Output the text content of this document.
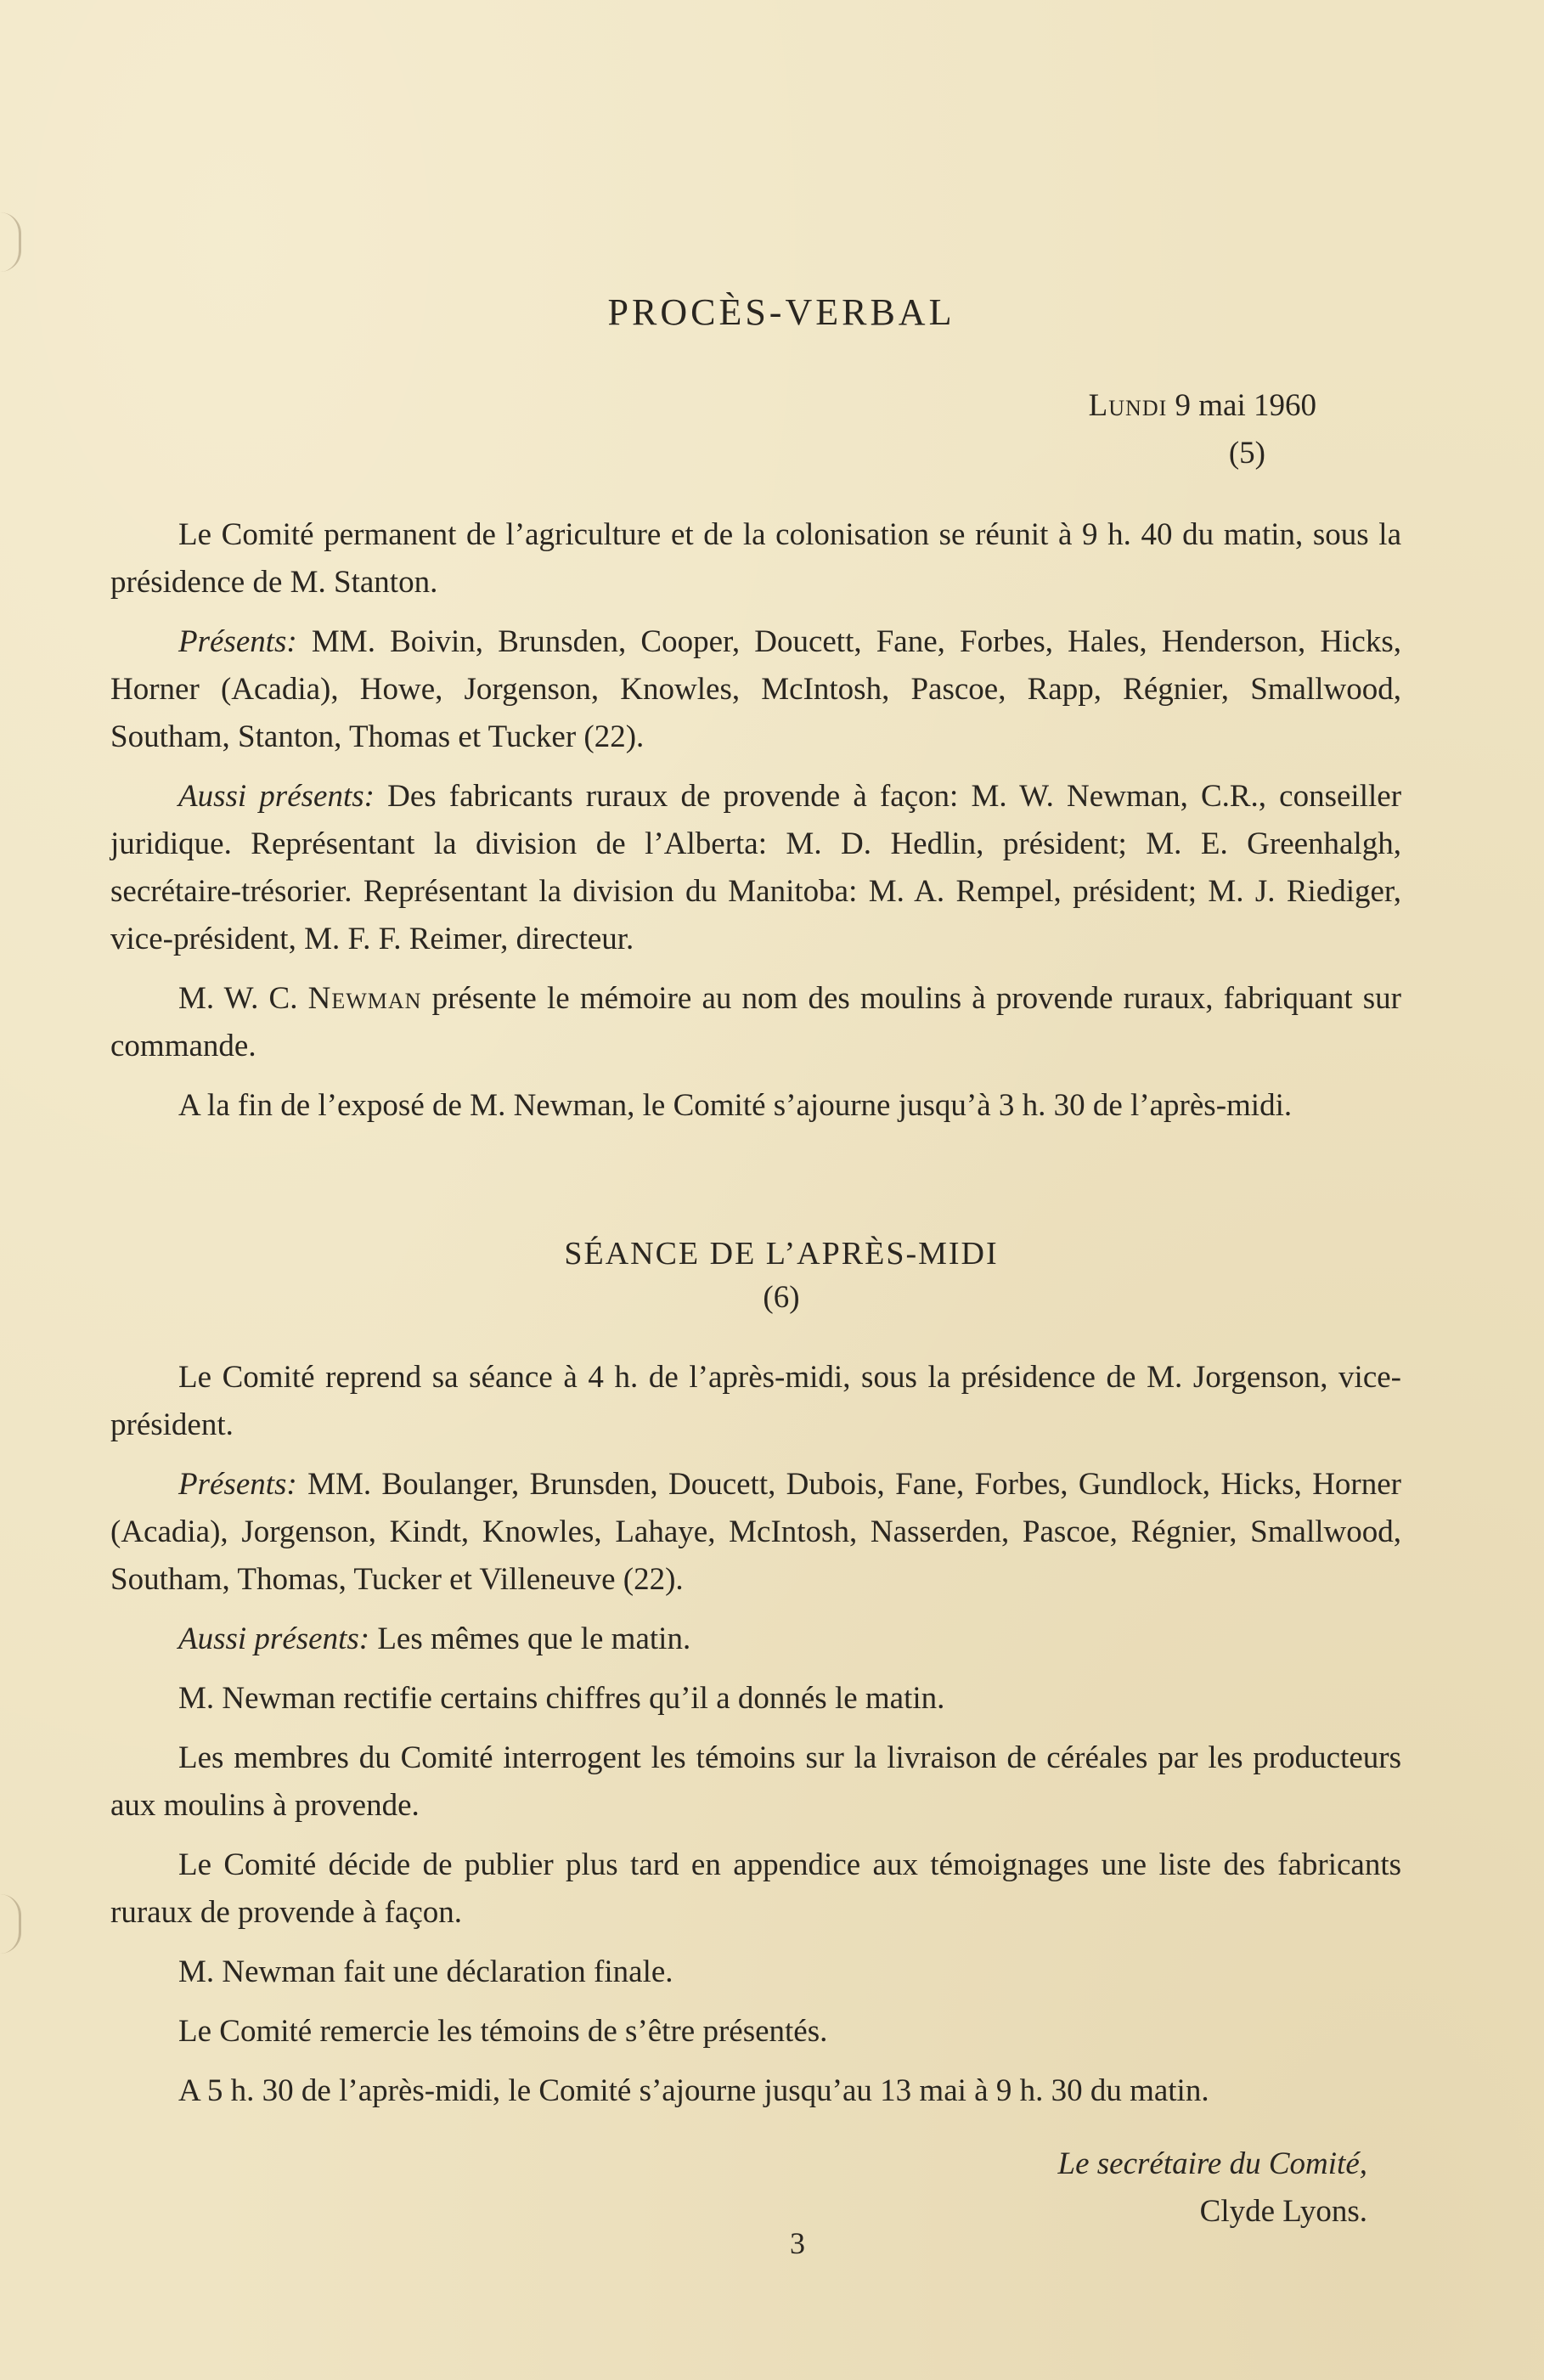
PROCÈS-VERBAL
Lundi 9 mai 1960
(5)

Le Comité permanent de l’agriculture et de la colonisation se réunit à 9 h. 40 du matin, sous la présidence de M. Stanton.

Présents: MM. Boivin, Brunsden, Cooper, Doucett, Fane, Forbes, Hales, Henderson, Hicks, Horner (Acadia), Howe, Jorgenson, Knowles, McIntosh, Pascoe, Rapp, Régnier, Smallwood, Southam, Stanton, Thomas et Tucker (22).

Aussi présents: Des fabricants ruraux de provende à façon: M. W. Newman, C.R., conseiller juridique. Représentant la division de l’Alberta: M. D. Hedlin, président; M. E. Greenhalgh, secrétaire-trésorier. Représentant la division du Manitoba: M. A. Rempel, président; M. J. Riediger, vice-président, M. F. F. Reimer, directeur.

M. W. C. Newman présente le mémoire au nom des moulins à provende ruraux, fabriquant sur commande.

A la fin de l’exposé de M. Newman, le Comité s’ajourne jusqu’à 3 h. 30 de l’après-midi.

SÉANCE DE L’APRÈS-MIDI
(6)

Le Comité reprend sa séance à 4 h. de l’après-midi, sous la présidence de M. Jorgenson, vice-président.

Présents: MM. Boulanger, Brunsden, Doucett, Dubois, Fane, Forbes, Gundlock, Hicks, Horner (Acadia), Jorgenson, Kindt, Knowles, Lahaye, McIntosh, Nasserden, Pascoe, Régnier, Smallwood, Southam, Thomas, Tucker et Villeneuve (22).

Aussi présents: Les mêmes que le matin.

M. Newman rectifie certains chiffres qu’il a donnés le matin.

Les membres du Comité interrogent les témoins sur la livraison de céréales par les producteurs aux moulins à provende.

Le Comité décide de publier plus tard en appendice aux témoignages une liste des fabricants ruraux de provende à façon.

M. Newman fait une déclaration finale.

Le Comité remercie les témoins de s’être présentés.

A 5 h. 30 de l’après-midi, le Comité s’ajourne jusqu’au 13 mai à 9 h. 30 du matin.

Le secrétaire du Comité,
Clyde Lyons.
3
